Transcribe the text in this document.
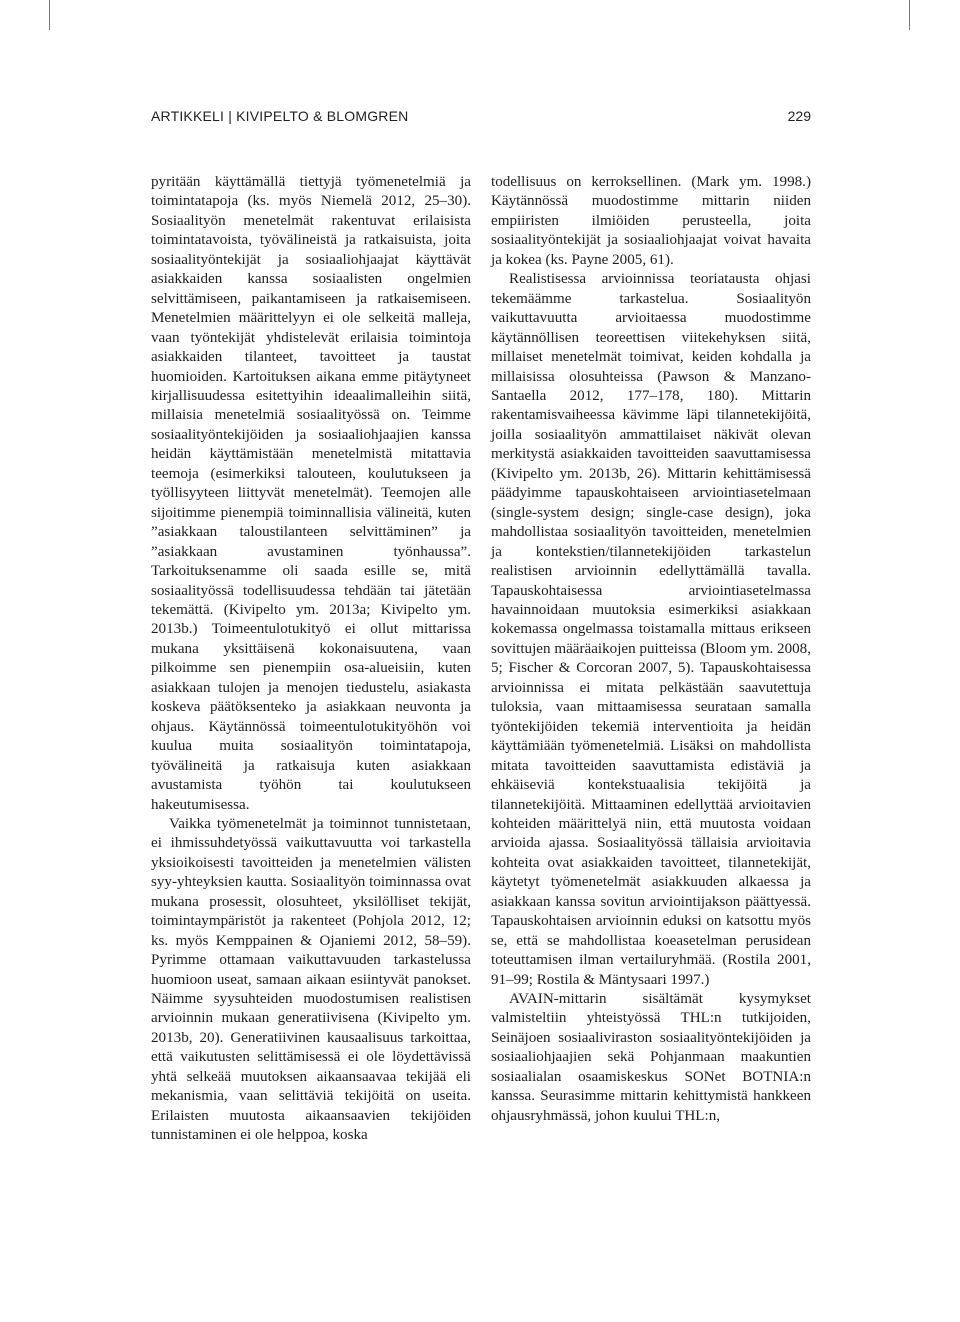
ARTIKKELI | KIVIPELTO & BLOMGREN	229

pyritään käyttämällä tiettyjä työmenetelmiä ja toimintatapoja (ks. myös Niemelä 2012, 25–30). Sosiaalityön menetelmät rakentuvat erilaisista toimintatavoista, työvälineistä ja ratkaisuista, joita sosiaalityöntekijät ja sosiaaliohjaajat käyttävät asiakkaiden kanssa sosiaalisten ongelmien selvittämiseen, paikantamiseen ja ratkaisemiseen. Menetelmien määrittelyyn ei ole selkeitä malleja, vaan työntekijät yhdistelevät erilaisia toimintoja asiakkaiden tilanteet, tavoitteet ja taustat huomioiden. Kartoituksen aikana emme pitäytyneet kirjallisuudessa esitettyihin ideaalimalleihin siitä, millaisia menetelmiä sosiaalityössä on. Teimme sosiaalityöntekijöiden ja sosiaaliohjaajien kanssa heidän käyttämistään menetelmistä mitattavia teemoja (esimerkiksi talouteen, koulutukseen ja työllisyyteen liittyvät menetelmät). Teemojen alle sijoitimme pienempiä toiminnallisia välineitä, kuten ”asiakkaan taloustilanteen selvittäminen” ja ”asiakkaan avustaminen työnhaussa”. Tarkoituksenamme oli saada esille se, mitä sosiaalityössä todellisuudessa tehdään tai jätetään tekemättä. (Kivipelto ym. 2013a; Kivipelto ym. 2013b.) Toimeentulotukityö ei ollut mittarissa mukana yksittäisenä kokonaisuutena, vaan pilkoimme sen pienempiin osa-alueisiin, kuten asiakkaan tulojen ja menojen tiedustelu, asiakasta koskeva päätöksenteko ja asiakkaan neuvonta ja ohjaus. Käytännössä toimeentulotukityöhön voi kuulua muita sosiaalityön toimintatapoja, työvälineitä ja ratkaisuja kuten asiakkaan avustamista työhön tai koulutukseen hakeutumisessa.

Vaikka työmenetelmät ja toiminnot tunnistetaan, ei ihmissuhdetyössä vaikuttavuutta voi tarkastella yksioikoisesti tavoitteiden ja menetelmien välisten syy-yhteyksien kautta. Sosiaalityön toiminnassa ovat mukana prosessit, olosuhteet, yksilölliset tekijät, toimintaympäristöt ja rakenteet (Pohjola 2012, 12; ks. myös Kemppainen & Ojaniemi 2012, 58–59). Pyrimme ottamaan vaikuttavuuden tarkastelussa huomioon useat, samaan aikaan esiintyvät panokset. Näimme syysuhteiden muodostumisen realistisen arvioinnin mukaan generatiivisena (Kivipelto ym. 2013b, 20). Generatiivinen kausaalisuus tarkoittaa, että vaikutusten selittämisessä ei ole löydettävissä yhtä selkeää muutoksen aikaansaavaa tekijää eli mekanismia, vaan selittäviä tekijöitä on useita. Erilaisten muutosta aikaansaavien tekijöiden tunnistaminen ei ole helppoa, koska

todellisuus on kerroksellinen. (Mark ym. 1998.) Käytännössä muodostimme mittarin niiden empiiristen ilmiöiden perusteella, joita sosiaalityöntekijät ja sosiaaliohjaajat voivat havaita ja kokea (ks. Payne 2005, 61).

Realistisessa arvioinnissa teoriatausta ohjasi tekemäämme tarkastelua. Sosiaalityön vaikuttavuutta arvioitaessa muodostimme käytännöllisen teoreettisen viitekehyksen siitä, millaiset menetelmät toimivat, keiden kohdalla ja millaisissa olosuhteissa (Pawson & Manzano-Santaella 2012, 177–178, 180). Mittarin rakentamisvaiheessa kävimme läpi tilannetekijöitä, joilla sosiaalityön ammattilaiset näkivät olevan merkitystä asiakkaiden tavoitteiden saavuttamisessa (Kivipelto ym. 2013b, 26). Mittarin kehittämisessä päädyimme tapauskohtaiseen arviointiasetelmaan (single-system design; single-case design), joka mahdollistaa sosiaalityön tavoitteiden, menetelmien ja kontekstien/tilannetekijöiden tarkastelun realistisen arvioinnin edellyttämällä tavalla. Tapauskohtaisessa arviointiasetelmassa havainnoidaan muutoksia esimerkiksi asiakkaan kokemassa ongelmassa toistamalla mittaus erikseen sovittujen määräaikojen puitteissa (Bloom ym. 2008, 5; Fischer & Corcoran 2007, 5). Tapauskohtaisessa arvioinnissa ei mitata pelkästään saavutettuja tuloksia, vaan mittaamisessa seurataan samalla työntekijöiden tekemiä interventioita ja heidän käyttämiään työmenetelmiä. Lisäksi on mahdollista mitata tavoitteiden saavuttamista edistäviä ja ehkäiseviä kontekstuaalisia tekijöitä ja tilannetekijöitä. Mittaaminen edellyttää arvioitavien kohteiden määrittelyä niin, että muutosta voidaan arvioida ajassa. Sosiaalityössä tällaisia arvioitavia kohteita ovat asiakkaiden tavoitteet, tilannetekijät, käytetyt työmenetelmät asiakkuuden alkaessa ja asiakkaan kanssa sovitun arviointijakson päättyessä. Tapauskohtaisen arvioinnin eduksi on katsottu myös se, että se mahdollistaa koeasetelman perusidean toteuttamisen ilman vertailuryhmää. (Rostila 2001, 91–99; Rostila & Mäntysaari 1997.)

AVAIN-mittarin sisältämät kysymykset valmisteltiin yhteistyössä THL:n tutkijoiden, Seinäjoen sosiaaliviraston sosiaalityöntekijöiden ja sosiaaliohjaajien sekä Pohjanmaan maakuntien sosiaalialan osaamiskeskus SONet BOTNIA:n kanssa. Seurasimme mittarin kehittymistä hankkeen ohjausryhmässä, johon kuului THL:n,
